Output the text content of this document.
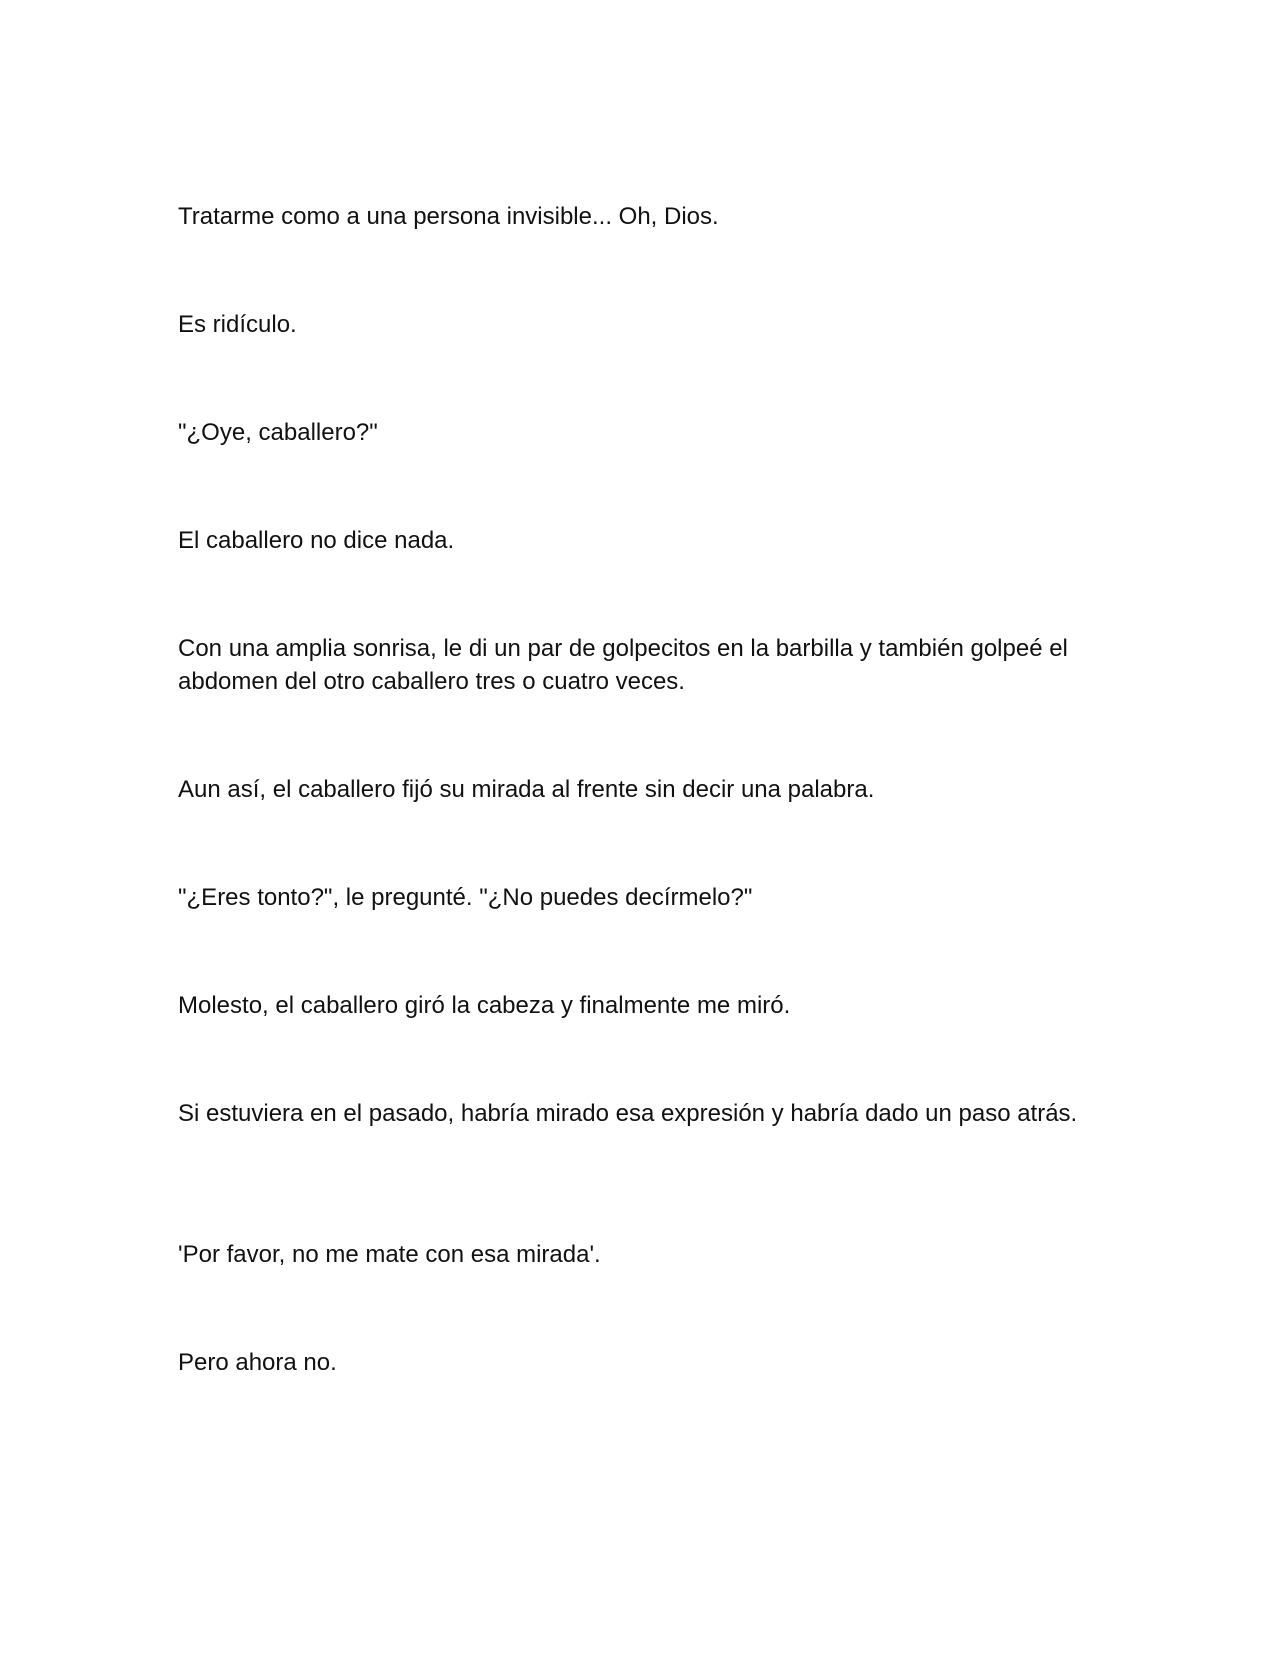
Tratarme como a una persona invisible... Oh, Dios.

Es ridículo.

"¿Oye, caballero?"

El caballero no dice nada.

Con una amplia sonrisa, le di un par de golpecitos en la barbilla y también golpeé el abdomen del otro caballero tres o cuatro veces.

Aun así, el caballero fijó su mirada al frente sin decir una palabra.

"¿Eres tonto?", le pregunté. "¿No puedes decírmelo?"

Molesto, el caballero giró la cabeza y finalmente me miró.

Si estuviera en el pasado, habría mirado esa expresión y habría dado un paso atrás.

'Por favor, no me mate con esa mirada'.

Pero ahora no.
